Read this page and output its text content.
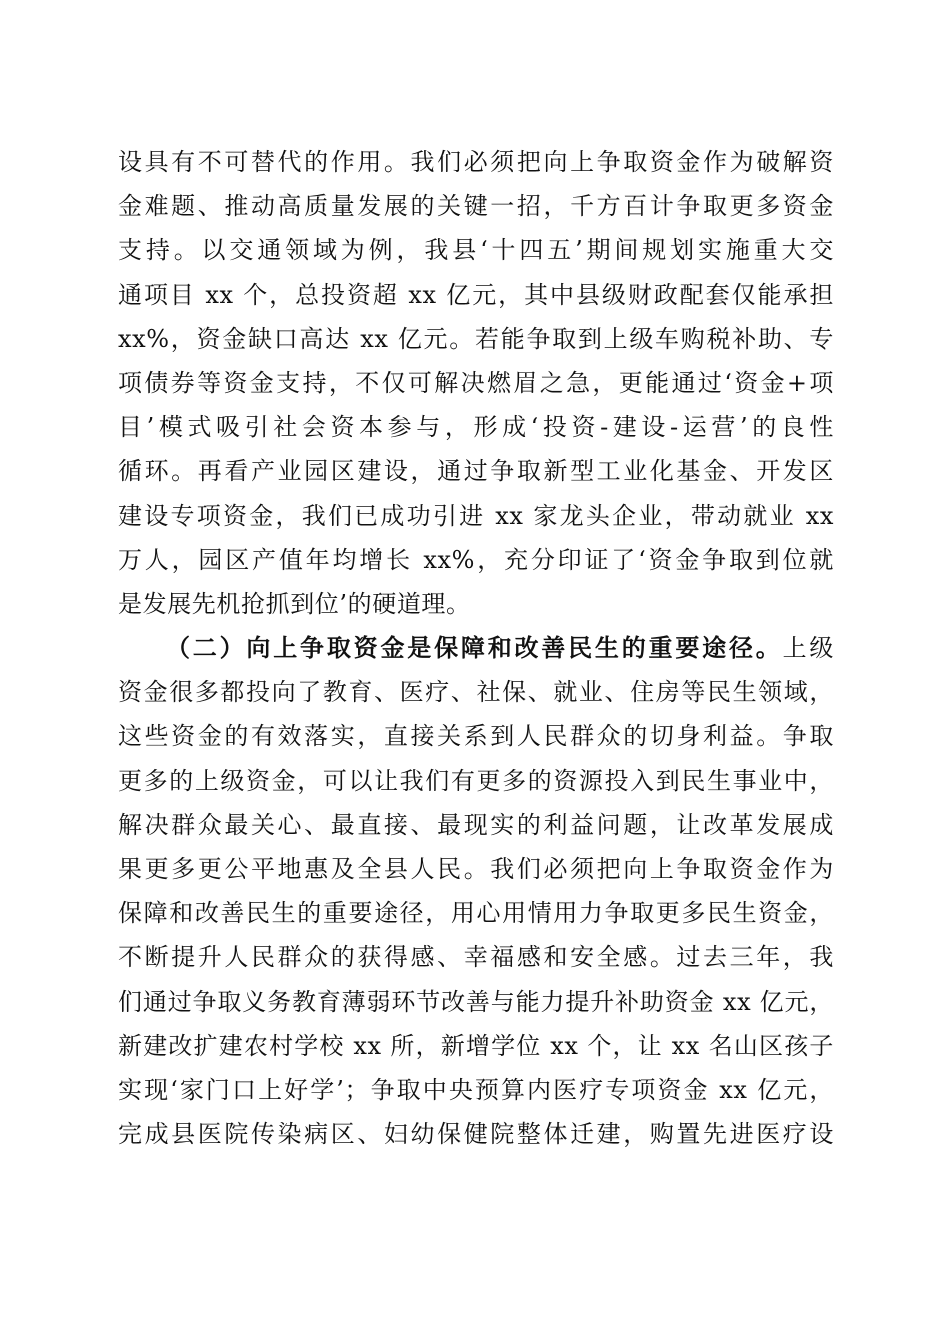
设具有不可替代的作用。我们必须把向上争取资金作为破解资
金难题、推动高质量发展的关键一招，千方百计争取更多资金
支持。以交通领域为例，我县‘十四五’期间规划实施重大交
通项目 xx 个，总投资超 xx 亿元，其中县级财政配套仅能承担
xx%，资金缺口高达 xx 亿元。若能争取到上级车购税补助、专
项债券等资金支持，不仅可解决燃眉之急，更能通过‘资金+项
目’模式吸引社会资本参与，形成‘投资-建设-运营’的良性
循环。再看产业园区建设，通过争取新型工业化基金、开发区
建设专项资金，我们已成功引进 xx 家龙头企业，带动就业 xx
万人，园区产值年均增长 xx%，充分印证了‘资金争取到位就
是发展先机抢抓到位’的硬道理。
（二）向上争取资金是保障和改善民生的重要途径。上级
资金很多都投向了教育、医疗、社保、就业、住房等民生领域，
这些资金的有效落实，直接关系到人民群众的切身利益。争取
更多的上级资金，可以让我们有更多的资源投入到民生事业中，
解决群众最关心、最直接、最现实的利益问题，让改革发展成
果更多更公平地惠及全县人民。我们必须把向上争取资金作为
保障和改善民生的重要途径，用心用情用力争取更多民生资金，
不断提升人民群众的获得感、幸福感和安全感。过去三年，我
们通过争取义务教育薄弱环节改善与能力提升补助资金 xx 亿元，
新建改扩建农村学校 xx 所，新增学位 xx 个，让 xx 名山区孩子
实现‘家门口上好学’；争取中央预算内医疗专项资金 xx 亿元，
完成县医院传染病区、妇幼保健院整体迁建，购置先进医疗设
